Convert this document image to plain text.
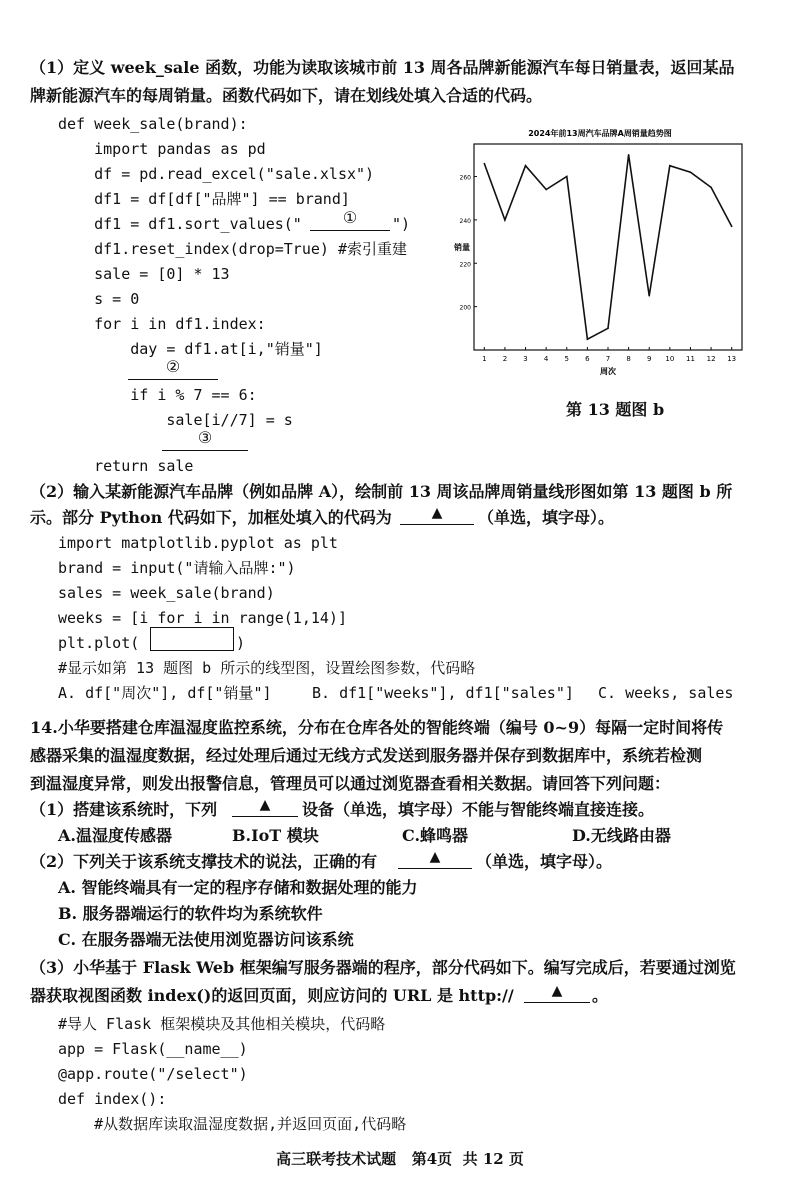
（1）定义 week_sale 函数，功能为读取该城市前 13 周各品牌新能源汽车每日销量表，返回某品
牌新能源汽车的每周销量。函数代码如下，请在划线处填入合适的代码。
def week_sale(brand):
import pandas as pd
df = pd.read_excel("sale.xlsx")
df1 = df[df["品牌"] == brand]
df1 = df1.sort_values("	①	")
df1.reset_index(drop=True) #索引重建
sale = [0] * 13
s = 0
for i in df1.index:
day = df1.at[i,"销量"]
②
if i % 7 == 6:
sale[i//7] = s
③
return sale
2024年前13周汽车品牌A周销量趋势图
销量
周次
200
220
240
260
1 2 3 4 5 6 7 8 9 10 11 12 13
第 13 题图 b
（2）输入某新能源汽车品牌（例如品牌 A），绘制前 13 周该品牌周销量线形图如第 13 题图 b 所
示。部分 Python 代码如下，加框处填入的代码为	▲	（单选，填字母）。
import matplotlib.pyplot as plt
brand = input("请输入品牌:")
sales = week_sale(brand)
weeks = [i for i in range(1,14)]
plt.plot(	)
#显示如第 13 题图 b 所示的线型图，设置绘图参数，代码略
A. df["周次"], df["销量"]	B. df1["weeks"], df1["sales"] C. weeks, sales
14.小华要搭建仓库温湿度监控系统，分布在仓库各处的智能终端（编号 0~9）每隔一定时间将传
感器采集的温湿度数据，经过处理后通过无线方式发送到服务器并保存到数据库中，系统若检测
到温湿度异常，则发出报警信息，管理员可以通过浏览器查看相关数据。请回答下列问题：
（1）搭建该系统时，下列	▲	设备（单选，填字母）不能与智能终端直接连接。
A.温湿度传感器	B.IoT 模块	C.蜂鸣器	D.无线路由器
（2）下列关于该系统支撑技术的说法，正确的有	▲	（单选，填字母）。
A. 智能终端具有一定的程序存储和数据处理的能力
B. 服务器端运行的软件均为系统软件
C. 在服务器端无法使用浏览器访问该系统
（3）小华基于 Flask Web 框架编写服务器端的程序，部分代码如下。编写完成后，若要通过浏览
器获取视图函数 index()的返回页面，则应访问的 URL 是 http://	▲	。
#导人 Flask 框架模块及其他相关模块，代码略
app = Flask(__name__)
@app.route("/select")
def index():
#从数据库读取温湿度数据,并返回页面,代码略
高三联考技术试题   第4页  共 12 页
